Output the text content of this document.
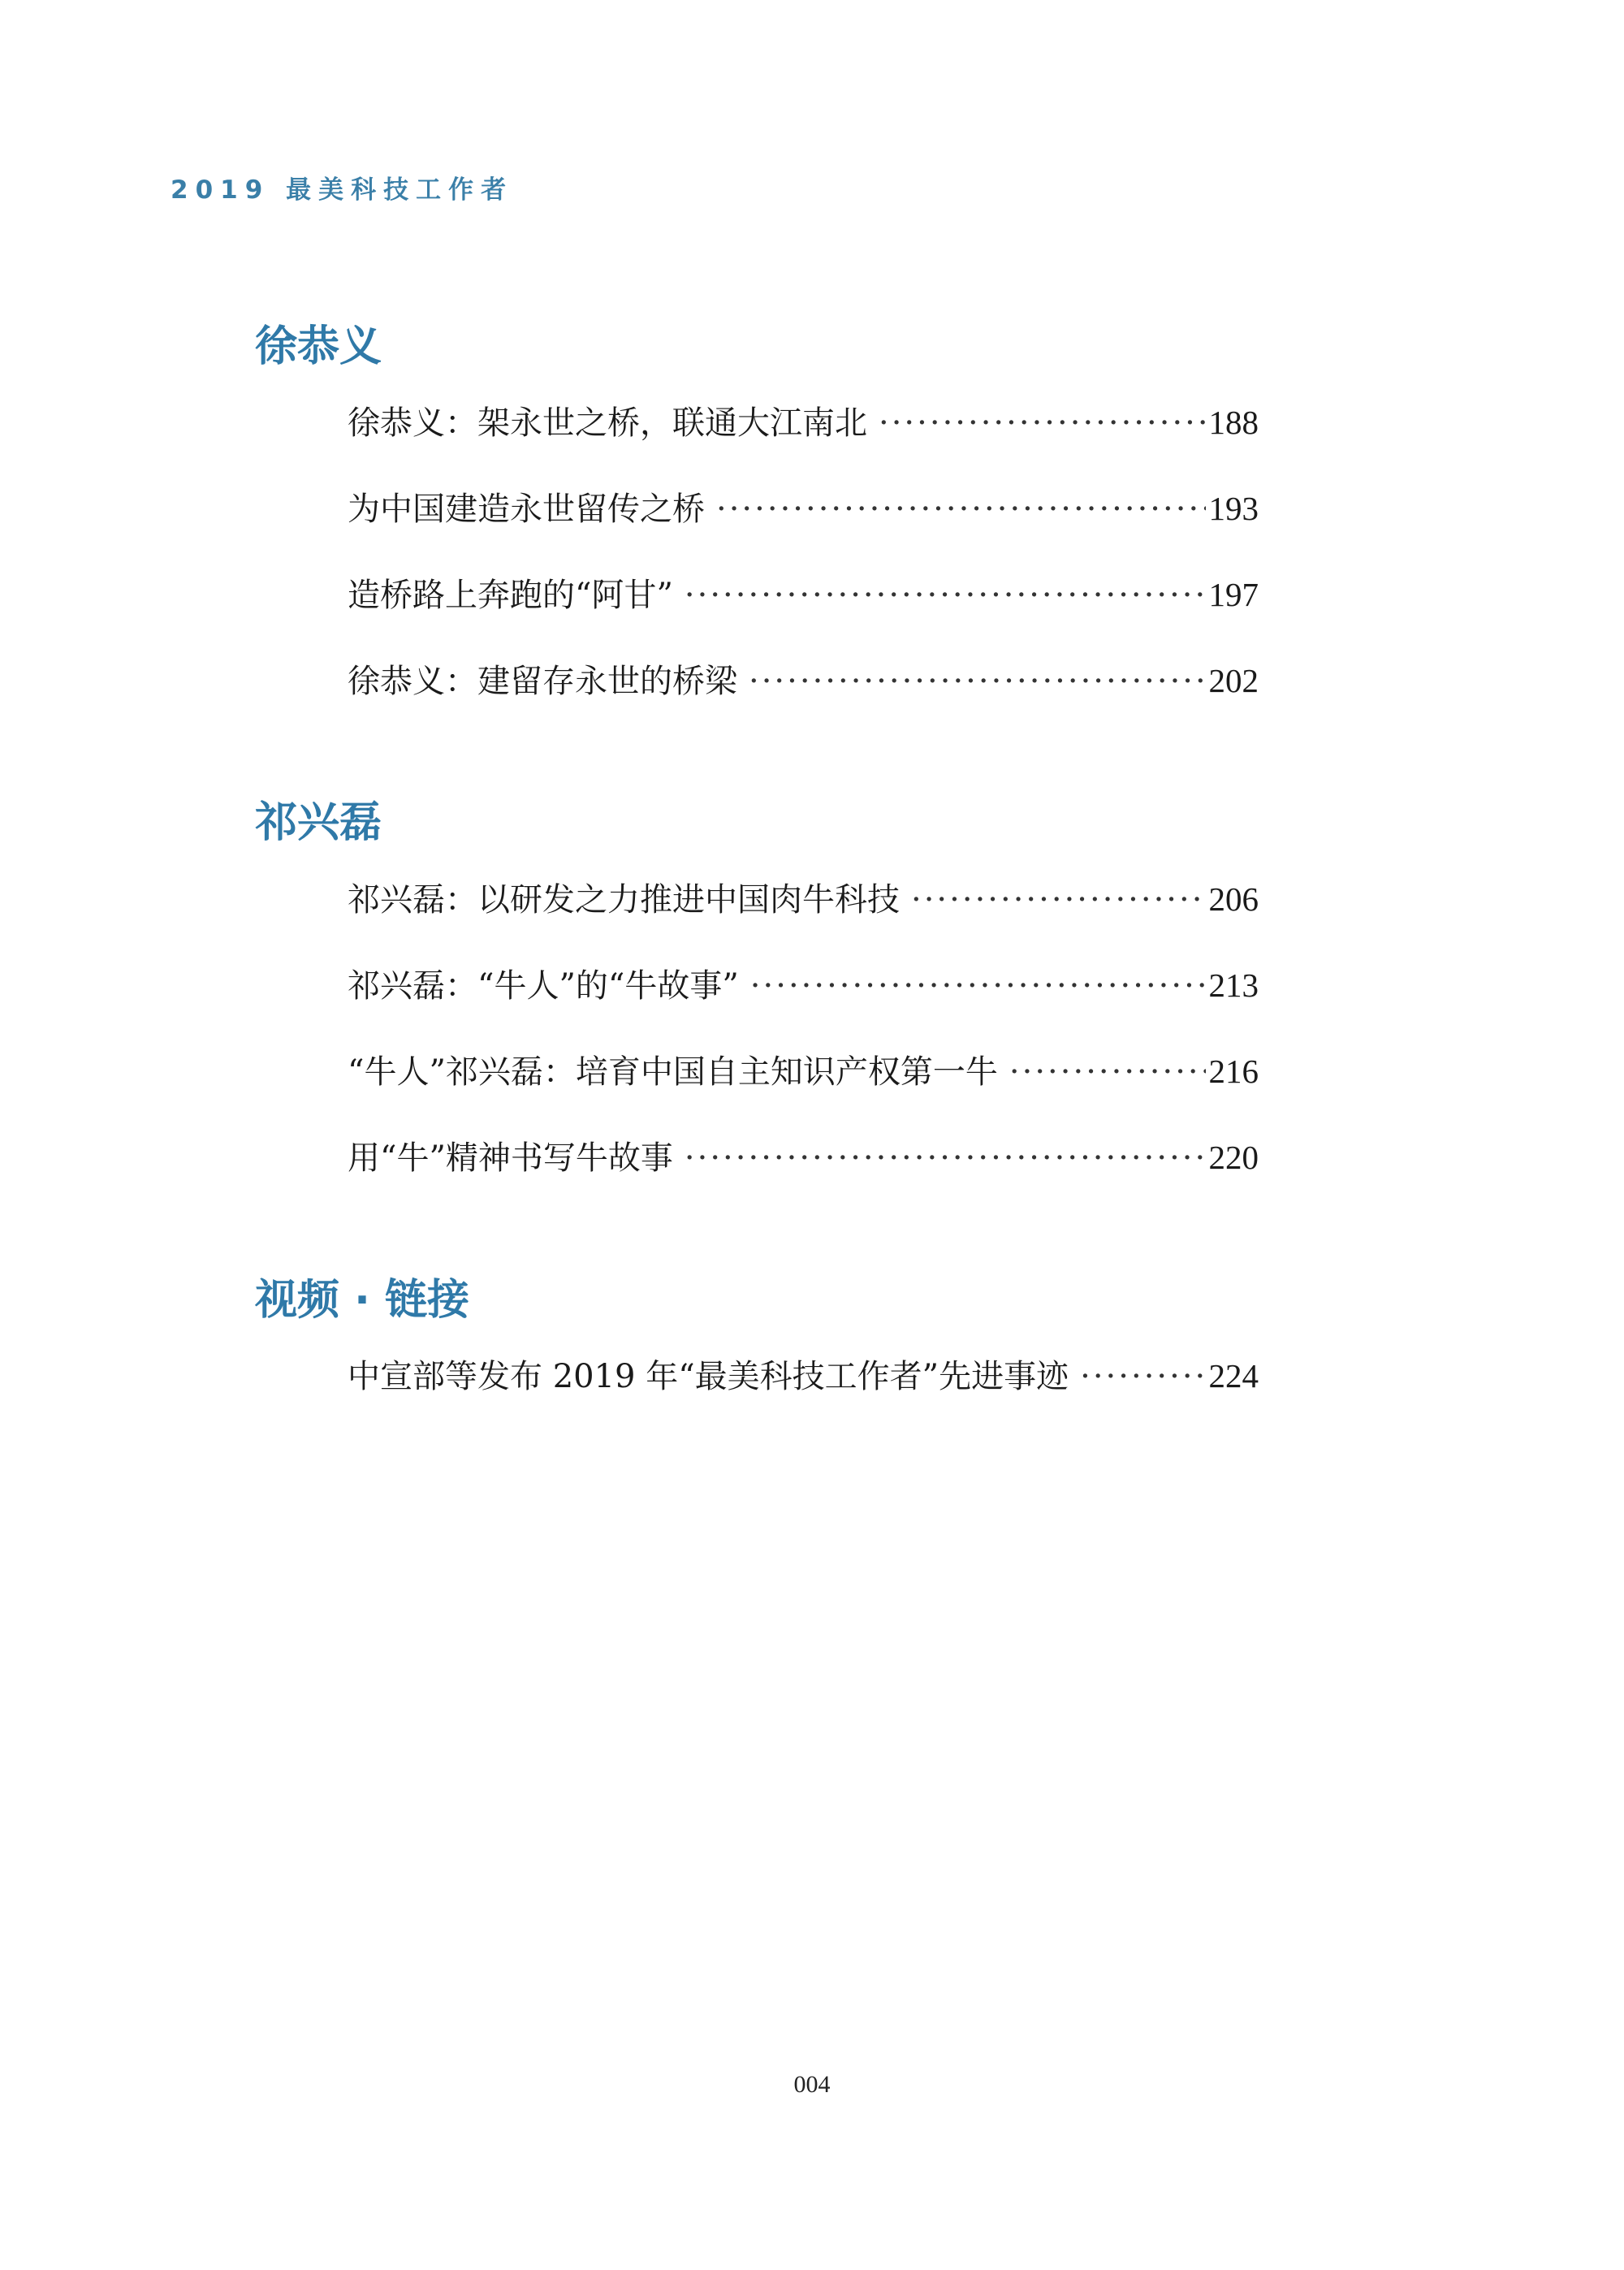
2019 最美科技工作者
徐恭义
徐恭义：架永世之桥，联通大江南北 ·····	188
为中国建造永世留传之桥 ·····	193
造桥路上奔跑的“阿甘” ·····	197
徐恭义：建留存永世的桥梁 ·····	202
祁兴磊
祁兴磊：以研发之力推进中国肉牛科技 ·····	206
祁兴磊：“牛人”的“牛故事” ·····	213
“牛人”祁兴磊：培育中国自主知识产权第一牛 ·····	216
用“牛”精神书写牛故事 ·····	220
视频 · 链接
中宣部等发布 2019 年“最美科技工作者”先进事迹 ·····	224
004
